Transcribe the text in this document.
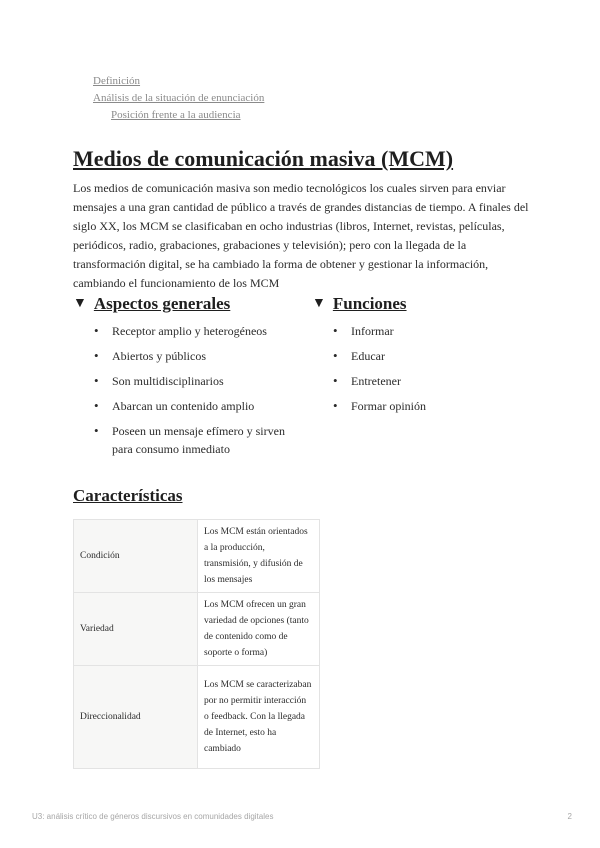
Definición
Análisis de la situación de enunciación
Posición frente a la audiencia
Medios de comunicación masiva (MCM)

Los medios de comunicación masiva son medio tecnológicos los cuales sirven para enviar mensajes a una gran cantidad de público a través de grandes distancias de tiempo. A finales del siglo XX, los MCM se clasificaban en ocho industrias (libros, Internet, revistas, películas, periódicos, radio, grabaciones, grabaciones y televisión); pero con la llegada de la transformación digital, se ha cambiado la forma de obtener y gestionar la información, cambiando el funcionamiento de los MCM

▼ Aspectos generales
• Receptor amplio y heterogéneos
• Abiertos y públicos
• Son multidisciplinarios
• Abarcan un contenido amplio
• Poseen un mensaje efímero y sirven para consumo inmediato
▼ Funciones
• Informar
• Educar
• Entretener
• Formar opinión
Características
Condición	Los MCM están orientados a la producción, transmisión, y difusión de los mensajes
Variedad	Los MCM ofrecen un gran variedad de opciones (tanto de contenido como de soporte o forma)
Direccionalidad	Los MCM se caracterizaban por no permitir interacción o feedback. Con la llegada de Internet, esto ha cambiado
U3: análisis crítico de géneros discursivos en comunidades digitales	2
